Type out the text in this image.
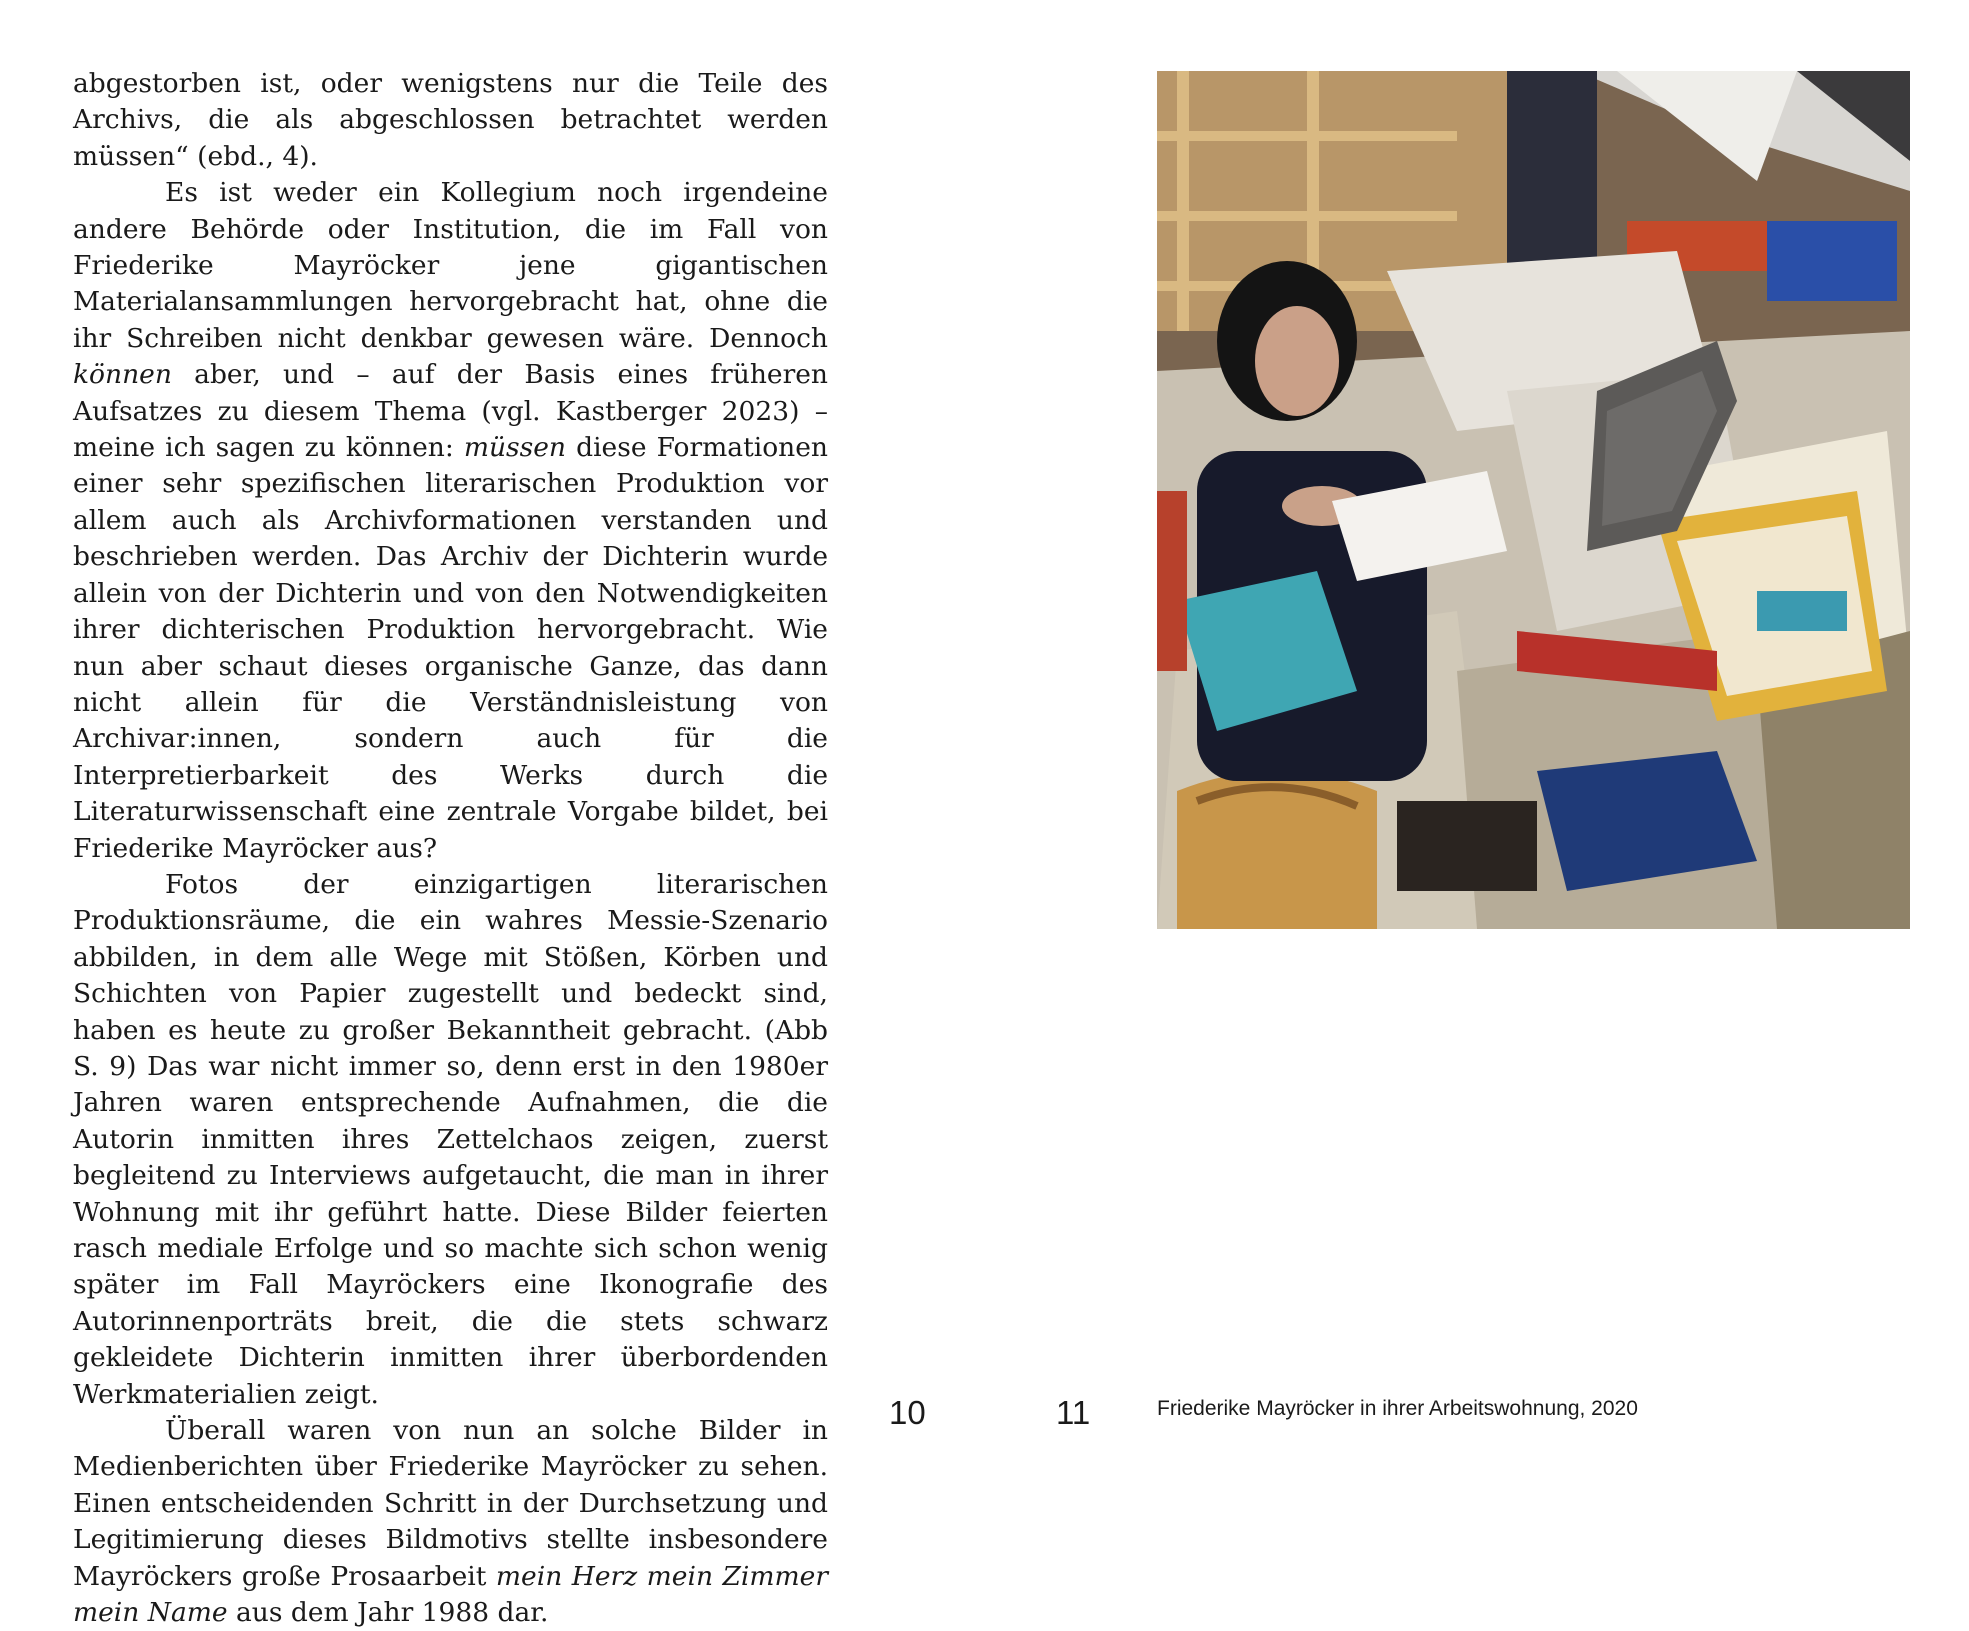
abgestorben ist, oder wenigstens nur die Teile des Archivs, die als abgeschlossen betrachtet werden müssen“ (ebd., 4).

Es ist weder ein Kollegium noch irgendeine andere Behörde oder Institution, die im Fall von Friederike Mayröcker jene gigantischen Materialansammlungen hervorgebracht hat, ohne die ihr Schreiben nicht denkbar gewesen wäre. Dennoch können aber, und – auf der Basis eines früheren Aufsatzes zu diesem Thema (vgl. Kastberger 2023) – meine ich sagen zu können: müssen diese Formationen einer sehr spezifischen literarischen Produktion vor allem auch als Archivformationen verstanden und beschrieben werden. Das Archiv der Dichterin wurde allein von der Dichterin und von den Notwendigkeiten ihrer dichterischen Produktion hervorgebracht. Wie nun aber schaut dieses organische Ganze, das dann nicht allein für die Verständnisleistung von Archivar:innen, sondern auch für die Interpretierbarkeit des Werks durch die Literaturwissenschaft eine zentrale Vorgabe bildet, bei Friederike Mayröcker aus?

Fotos der einzigartigen literarischen Produktionsräume, die ein wahres Messie-Szenario abbilden, in dem alle Wege mit Stößen, Körben und Schichten von Papier zugestellt und bedeckt sind, haben es heute zu großer Bekanntheit gebracht. (Abb S. 9) Das war nicht immer so, denn erst in den 1980er Jahren waren entsprechende Aufnahmen, die die Autorin inmitten ihres Zettelchaos zeigen, zuerst begleitend zu Interviews aufgetaucht, die man in ihrer Wohnung mit ihr geführt hatte. Diese Bilder feierten rasch mediale Erfolge und so machte sich schon wenig später im Fall Mayröckers eine Ikonografie des Autorinnenporträts breit, die die stets schwarz gekleidete Dichterin inmitten ihrer überbordenden Werkmaterialien zeigt.

Überall waren von nun an solche Bilder in Medienberichten über Friederike Mayröcker zu sehen. Einen entscheidenden Schritt in der Durchsetzung und Legitimierung dieses Bildmotivs stellte insbesondere Mayröckers große Prosaarbeit mein Herz mein Zimmer mein Name aus dem Jahr 1988 dar.

10	11	Friederike Mayröcker in ihrer Arbeitswohnung, 2020
